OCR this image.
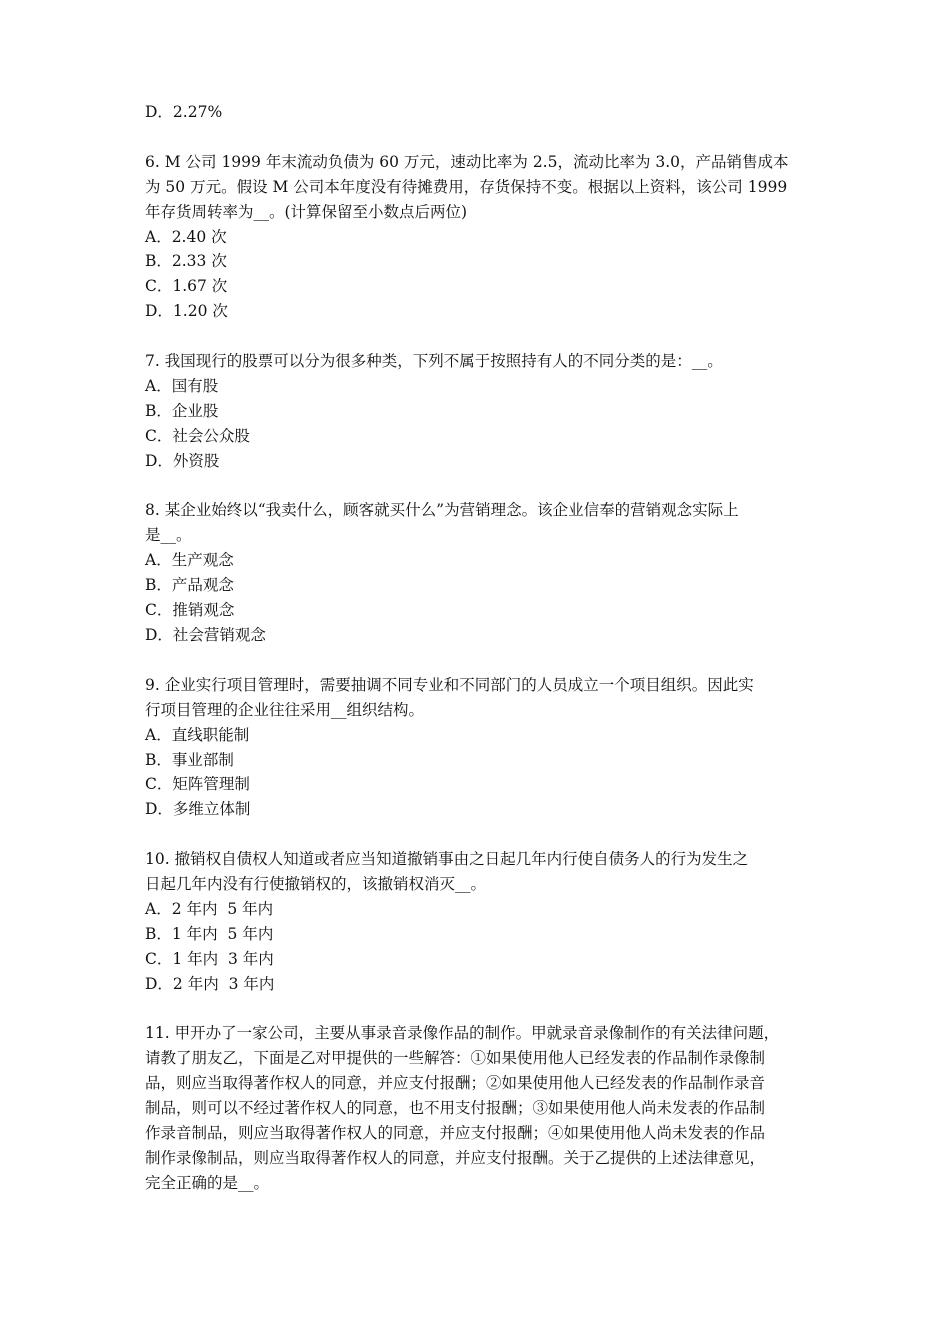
D．2.27%
6. M 公司 1999 年末流动负债为 60 万元，速动比率为 2.5，流动比率为 3.0，产品销售成本
为 50 万元。假设 M 公司本年度没有待摊费用，存货保持不变。根据以上资料，该公司 1999
年存货周转率为__。(计算保留至小数点后两位)
A．2.40 次
B．2.33 次
C．1.67 次
D．1.20 次
7. 我国现行的股票可以分为很多种类，下列不属于按照持有人的不同分类的是：__。
A．国有股
B．企业股
C．社会公众股
D．外资股
8. 某企业始终以“我卖什么，顾客就买什么”为营销理念。该企业信奉的营销观念实际上
是__。
A．生产观念
B．产品观念
C．推销观念
D．社会营销观念
9. 企业实行项目管理时，需要抽调不同专业和不同部门的人员成立一个项目组织。因此实
行项目管理的企业往往采用__组织结构。
A．直线职能制
B．事业部制
C．矩阵管理制
D．多维立体制
10. 撤销权自债权人知道或者应当知道撤销事由之日起几年内行使自债务人的行为发生之
日起几年内没有行使撤销权的，该撤销权消灭__。
A．2 年内  5 年内
B．1 年内  5 年内
C．1 年内  3 年内
D．2 年内  3 年内
11. 甲开办了一家公司，主要从事录音录像作品的制作。甲就录音录像制作的有关法律问题，
请教了朋友乙，下面是乙对甲提供的一些解答：①如果使用他人已经发表的作品制作录像制
品，则应当取得著作权人的同意，并应支付报酬；②如果使用他人已经发表的作品制作录音
制品，则可以不经过著作权人的同意，也不用支付报酬；③如果使用他人尚未发表的作品制
作录音制品，则应当取得著作权人的同意，并应支付报酬；④如果使用他人尚未发表的作品
制作录像制品，则应当取得著作权人的同意，并应支付报酬。关于乙提供的上述法律意见，
完全正确的是__。
